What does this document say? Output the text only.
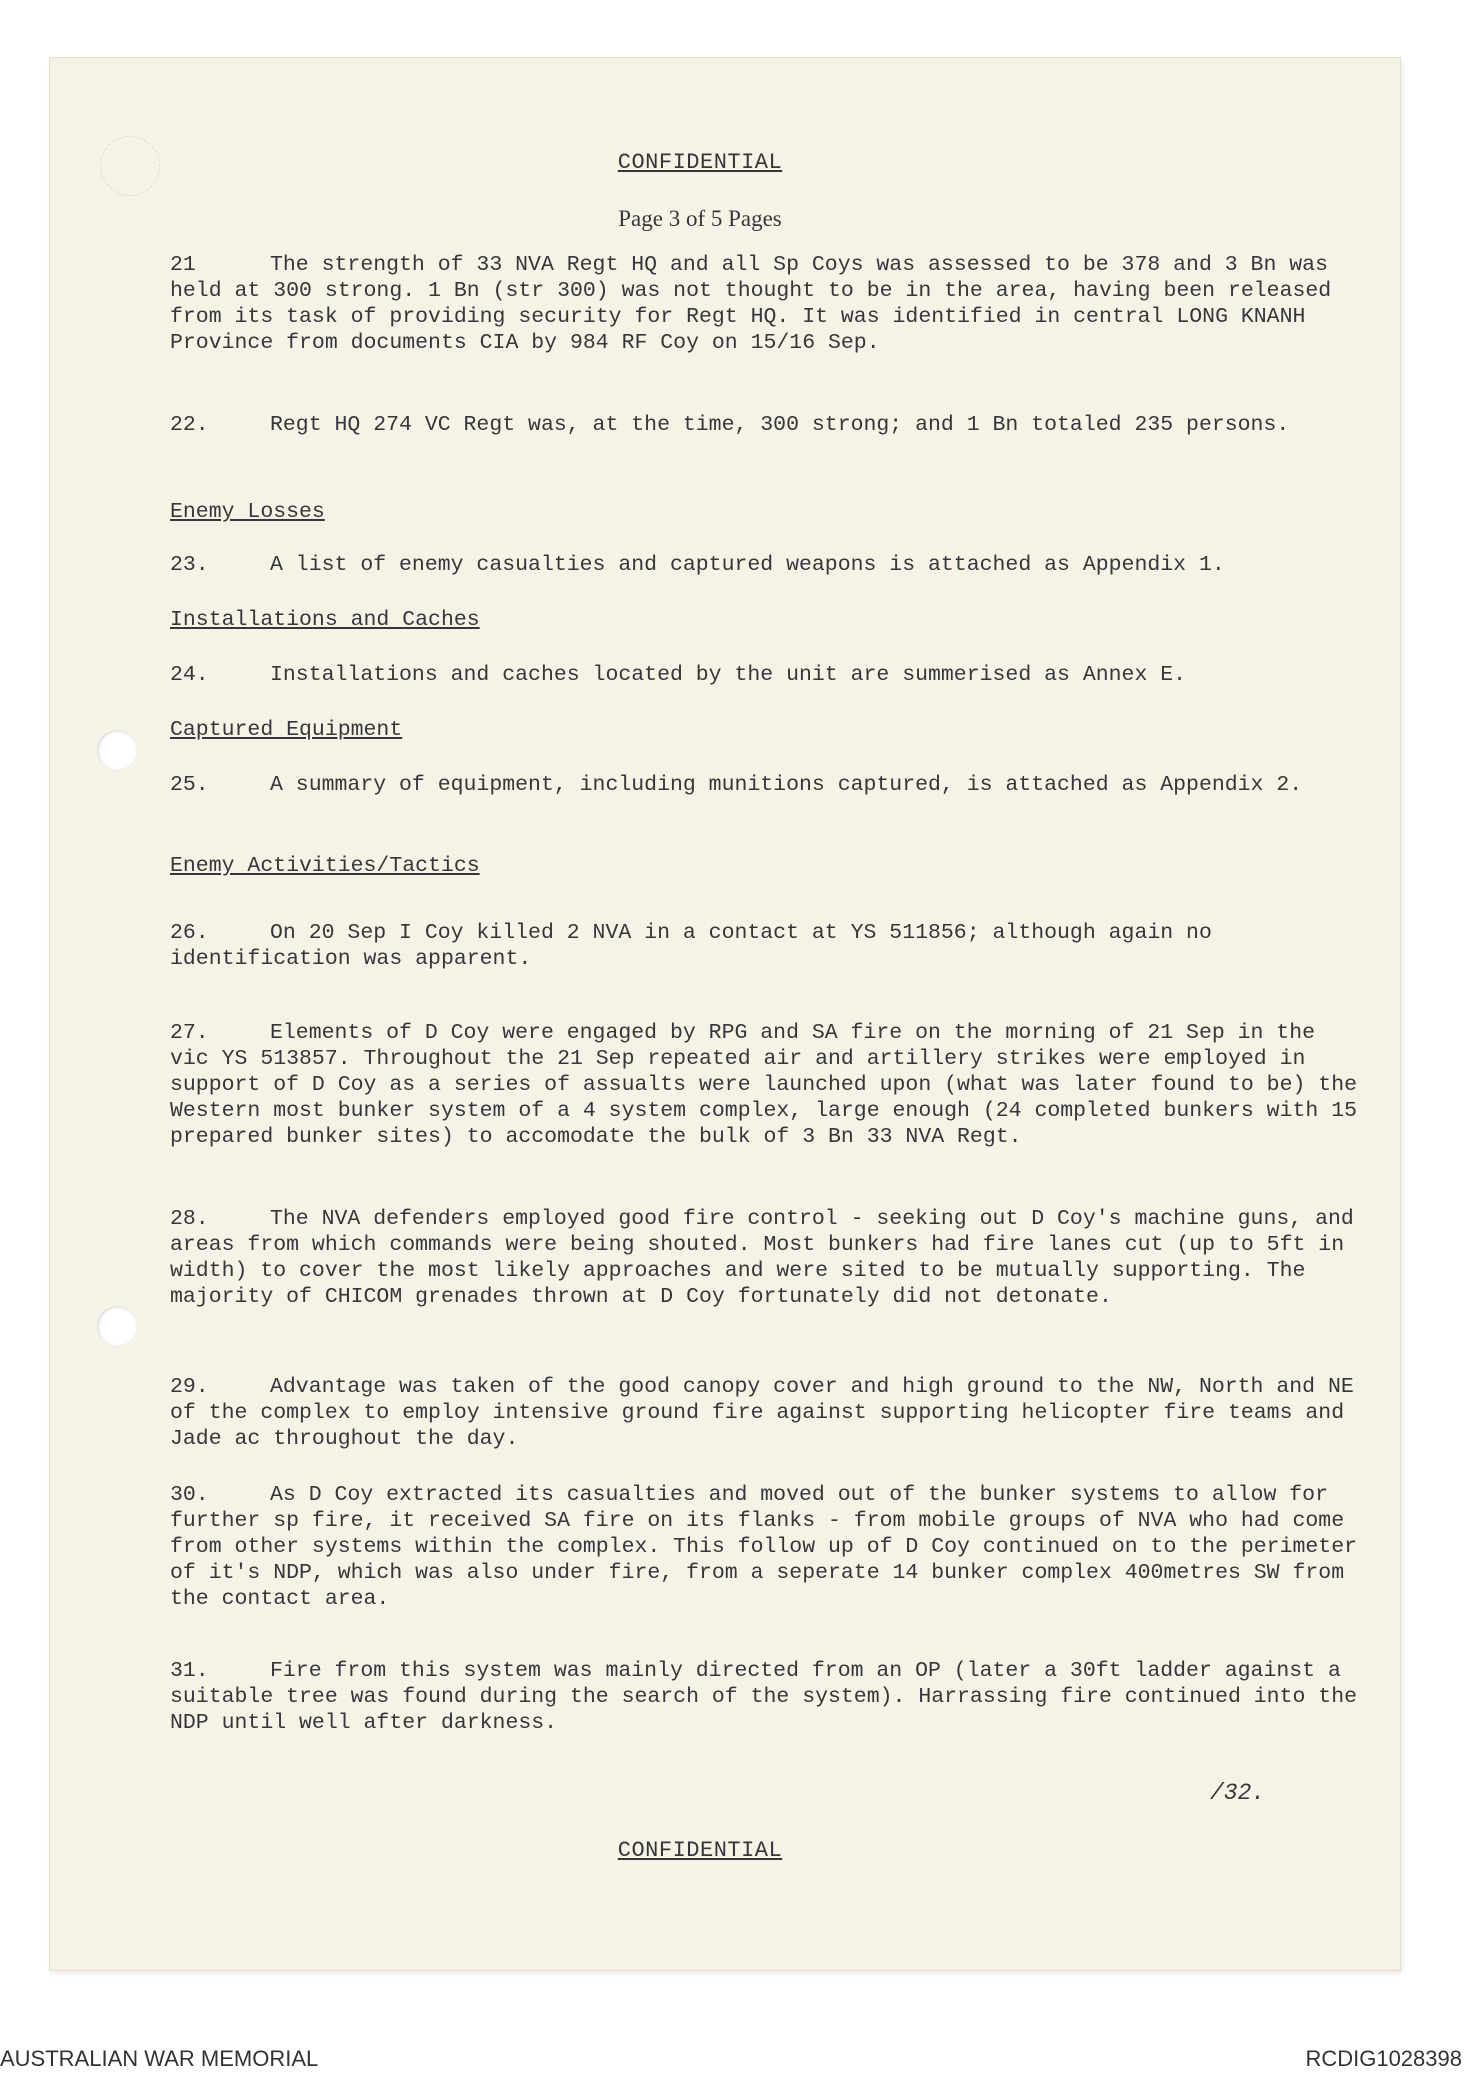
CONFIDENTIAL
Page 3 of 5 Pages
21	The strength of 33 NVA Regt HQ and all Sp Coys was assessed to be 378 and 3 Bn was held at 300 strong. 1 Bn (str 300) was not thought to be in the area, having been released from its task of providing security for Regt HQ. It was identified in central LONG KNANH Province from documents CIA by 984 RF Coy on 15/16 Sep.
22.	Regt HQ 274 VC Regt was, at the time, 300 strong; and 1 Bn totaled 235 persons.
Enemy Losses
23.	A list of enemy casualties and captured weapons is attached as Appendix 1.
Installations and Caches
24.	Installations and caches located by the unit are summerised as Annex E.
Captured Equipment
25.	A summary of equipment, including munitions captured, is attached as Appendix 2.
Enemy Activities/Tactics
26.	On 20 Sep I Coy killed 2 NVA in a contact at YS 511856; although again no identification was apparent.
27.	Elements of D Coy were engaged by RPG and SA fire on the morning of 21 Sep in the vic YS 513857. Throughout the 21 Sep repeated air and artillery strikes were employed in support of D Coy as a series of assualts were launched upon (what was later found to be) the Western most bunker system of a 4 system complex, large enough (24 completed bunkers with 15 prepared bunker sites) to accomodate the bulk of 3 Bn 33 NVA Regt.
28.	The NVA defenders employed good fire control - seeking out D Coy's machine guns, and areas from which commands were being shouted. Most bunkers had fire lanes cut (up to 5ft in width) to cover the most likely approaches and were sited to be mutually supporting. The majority of CHICOM grenades thrown at D Coy fortunately did not detonate.
29.	Advantage was taken of the good canopy cover and high ground to the NW, North and NE of the complex to employ intensive ground fire against supporting helicopter fire teams and Jade ac throughout the day.
30.	As D Coy extracted its casualties and moved out of the bunker systems to allow for further sp fire, it received SA fire on its flanks - from mobile groups of NVA who had come from other systems within the complex. This follow up of D Coy continued on to the perimeter of it's NDP, which was also under fire, from a seperate 14 bunker complex 400metres SW from the contact area.
31.	Fire from this system was mainly directed from an OP (later a 30ft ladder against a suitable tree was found during the search of the system). Harrassing fire continued into the NDP until well after darkness.
/32.
CONFIDENTIAL
AUSTRALIAN WAR MEMORIAL	RCDIG1028398
